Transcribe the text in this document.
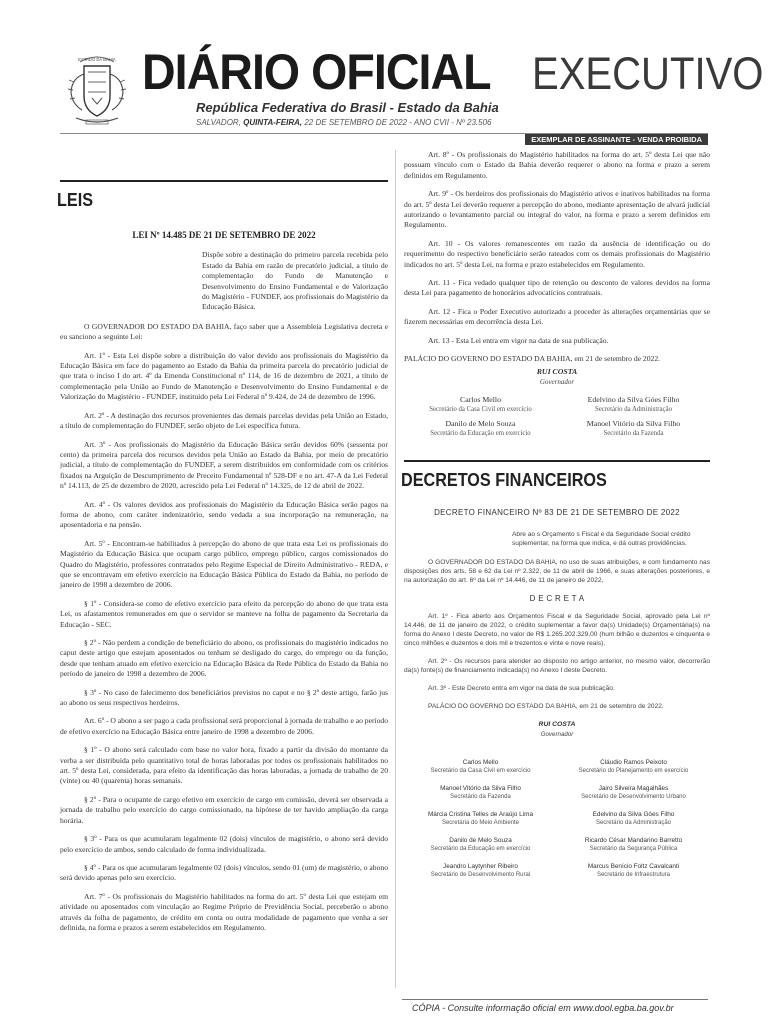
ESTADO DA BAHIA DIÁRIO OFICIAL EXECUTIVO
República Federativa do Brasil - Estado da Bahia
SALVADOR, QUINTA-FEIRA, 22 DE SETEMBRO DE 2022 - ANO CVII - Nº 23.506
EXEMPLAR DE ASSINANTE - VENDA PROIBIDA
LEIS
LEI Nº 14.485 DE 21 DE SETEMBRO DE 2022
Dispõe sobre a destinação do primeiro parcela recebida pelo Estado da Bahia em razão de precatório judicial, a título de complementação do Fundo de Manutenção e Desenvolvimento do Ensino Fundamental e de Valorização do Magistério - FUNDEF, aos profissionais do Magistério da Educação Básica.

O GOVERNADOR DO ESTADO DA BAHIA, faço saber que a Assembleia Legislativa decreta e eu sanciono a seguinte Lei:

Art. 1º - Esta Lei dispõe sobre a distribuição do valor devido aos profissionais do Magistério da Educação Básica em face do pagamento ao Estado da Bahia da primeira parcela do precatório judicial de que trata o inciso I do art. 4º da Emenda Constitucional nº 114, de 16 de dezembro de 2021, a título de complementação pela União ao Fundo de Manutenção e Desenvolvimento do Ensino Fundamental e de Valorização do Magistério - FUNDEF, instituído pela Lei Federal nº 9.424, de 24 de dezembro de 1996.

Art. 2º - A destinação dos recursos provenientes das demais parcelas devidas pela União ao Estado, a título de complementação do FUNDEF, serão objeto de Lei específica futura.

Art. 3º - Aos profissionais do Magistério da Educação Básica serão devidos 60% (sessenta por cento) da primeira parcela dos recursos devidos pela União ao Estado da Bahia, por meio de precatório judicial, a título de complementação do FUNDEF, a serem distribuídos em conformidade com os critérios fixados na Arguição de Descumprimento de Preceito Fundamental nº 528-DF e no art. 47-A da Lei Federal nº 14.113, de 25 de dezembro de 2020, acrescido pela Lei Federal nº 14.325, de 12 de abril de 2022.

Art. 4º - Os valores devidos aos profissionais do Magistério da Educação Básica serão pagos na forma de abono, com caráter indenizatório, sendo vedada a sua incorporação na remuneração, na aposentadoria e na pensão.

Art. 5º - Encontram-se habilitados à percepção do abono de que trata esta Lei os profissionais do Magistério da Educação Básica que ocupam cargo público, emprego público, cargos comissionados do Quadro do Magistério, professores contratados pelo Regime Especial de Direito Administrativo - REDA, e que se encontravam em efetivo exercício na Educação Básica Pública do Estado da Bahia, no período de janeiro de 1998 a dezembro de 2006.

§ 1º - Considera-se como de efetivo exercício para efeito da percepção do abono de que trata esta Lei, os afastamentos remunerados em que o servidor se manteve na folha de pagamento da Secretaria da Educação - SEC.

§ 2º - Não perdem a condição de beneficiário do abono, os profissionais do magistério indicados no caput deste artigo que estejam aposentados ou tenham se desligado do cargo, do emprego ou da função, desde que tenham atuado em efetivo exercício na Educação Básica da Rede Pública do Estado da Bahia no período de janeiro de 1998 a dezembro de 2006.

§ 3º - No caso de falecimento dos beneficiários previstos no caput e no § 2º deste artigo, farão jus ao abono os seus respectivos herdeiros.

Art. 6º - O abono a ser pago a cada profissional será proporcional à jornada de trabalho e ao período de efetivo exercício na Educação Básica entre janeiro de 1998 a dezembro de 2006.

§ 1º - O abono será calculado com base no valor hora, fixado a partir da divisão do montante da verba a ser distribuída pelo quantitativo total de horas laboradas por todos os profissionais habilitados no art. 5º desta Lei, considerada, para efeito da identificação das horas laboradas, a jornada de trabalho de 20 (vinte) ou 40 (quarenta) horas semanais.

§ 2º - Para o ocupante de cargo efetivo em exercício de cargo em comissão, deverá ser observada a jornada de trabalho pelo exercício do cargo comissionado, na hipótese de ter havido ampliação da carga horária.

§ 3º - Para os que acumularam legalmente 02 (dois) vínculos de magistério, o abono será devido pelo exercício de ambos, sendo calculado de forma individualizada.

§ 4º - Para os que acumularam legalmente 02 (dois) vínculos, sendo 01 (um) de magistério, o abono será devido apenas pelo seu exercício.

Art. 7º - Os profissionais do Magistério habilitados na forma do art. 5º desta Lei que estejam em atividade ou aposentados com vinculação ao Regime Próprio de Previdência Social, perceberão o abono através da folha de pagamento, de crédito em conta ou outra modalidade de pagamento que venha a ser definida, na forma e prazos a serem estabelecidos em Regulamento.

Art. 8º - Os profissionais do Magistério habilitados na forma do art. 5º desta Lei que não possuam vínculo com o Estado da Bahia deverão requerer o abono na forma e prazo a serem definidos em Regulamento.

Art. 9º - Os herdeiros dos profissionais do Magistério ativos e inativos habilitados na forma do art. 5º desta Lei deverão requerer a percepção do abono, mediante apresentação de alvará judicial autorizando o levantamento parcial ou integral do valor, na forma e prazo a serem definidos em Regulamento.

Art. 10 - Os valores remanescentes em razão da ausência de identificação ou do requerimento do respectivo beneficiário serão rateados com os demais profissionais do Magistério indicados no art. 5º desta Lei, na forma e prazo estabelecidos em Regulamento.

Art. 11 - Fica vedado qualquer tipo de retenção ou desconto de valores devidos na forma desta Lei para pagamento de honorários advocatícios contratuais.

Art. 12 - Fica o Poder Executivo autorizado a proceder às alterações orçamentárias que se fizerem necessárias em decorrência desta Lei.

Art. 13 - Esta Lei entra em vigor na data de sua publicação.

PALÁCIO DO GOVERNO DO ESTADO DA BAHIA, em 21 de setembro de 2022.

RUI COSTA
Governador
Carlos Mello
Secretário da Casa Civil em exercício
Edelvino da Silva Góes Filho
Secretário da Administração
Danilo de Melo Souza
Secretário da Educação em exercício
Manoel Vitório da Silva Filho
Secretário da Fazenda
DECRETOS FINANCEIROS
DECRETO FINANCEIRO Nº 83 DE 21 DE SETEMBRO DE 2022
Abre ao s Orçamento s Fiscal e da Seguridade Social crédito suplementar, na forma que indica, e dá outras providências.

O GOVERNADOR DO ESTADO DA BAHIA, no uso de suas atribuições, e com fundamento nas disposições dos arts. 58 e 62 da Lei nº 2.322, de 11 de abril de 1966, e suas alterações posteriores, e na autorização do art. 6º da Lei nº 14.446, de 11 de janeiro de 2022,

D E C R E T A

Art. 1º - Fica aberto aos Orçamentos Fiscal e da Seguridade Social, aprovado pela Lei nº 14.446, de 11 de janeiro de 2022, o crédito suplementar a favor da(s) Unidade(s) Orçamentária(s) na forma do Anexo I deste Decreto, no valor de R$ 1.265.202.329,00 (hum bilhão e duzentos e cinquenta e cinco milhões e duzentos e dois mil e trezentos e vinte e nove reais).

Art. 2º - Os recursos para atender ao disposto no artigo anterior, no mesmo valor, decorrerão da(s) fonte(s) de financiamento indicada(s) no Anexo I deste Decreto.

Art. 3º - Este Decreto entra em vigor na data de sua publicação.

PALÁCIO DO GOVERNO DO ESTADO DA BAHIA, em 21 de setembro de 2022.

RUI COSTA
Governador
Carlos Mello
Secretário da Casa Civil em exercício
Cláudio Ramos Peixoto
Secretário do Planejamento em exercício
Manoel Vitório da Silva Filho
Secretário da Fazenda
Jairo Silveira Magalhães
Secretário de Desenvolvimento Urbano
Márcia Cristina Telles de Araújo Lima
Secretária do Meio Ambiente
Edelvino da Silva Góes Filho
Secretário da Administração
Danilo de Melo Souza
Secretário da Educação em exercício
Ricardo César Mandarino Barretto
Secretário da Segurança Pública
Jeandro Laytynher Ribeiro
Secretário de Desenvolvimento Rural
Marcus Benício Foltz Cavalcanti
Secretário de Infraestrutura
CÓPIA - Consulte informação oficial em www.dool.egba.ba.gov.br
